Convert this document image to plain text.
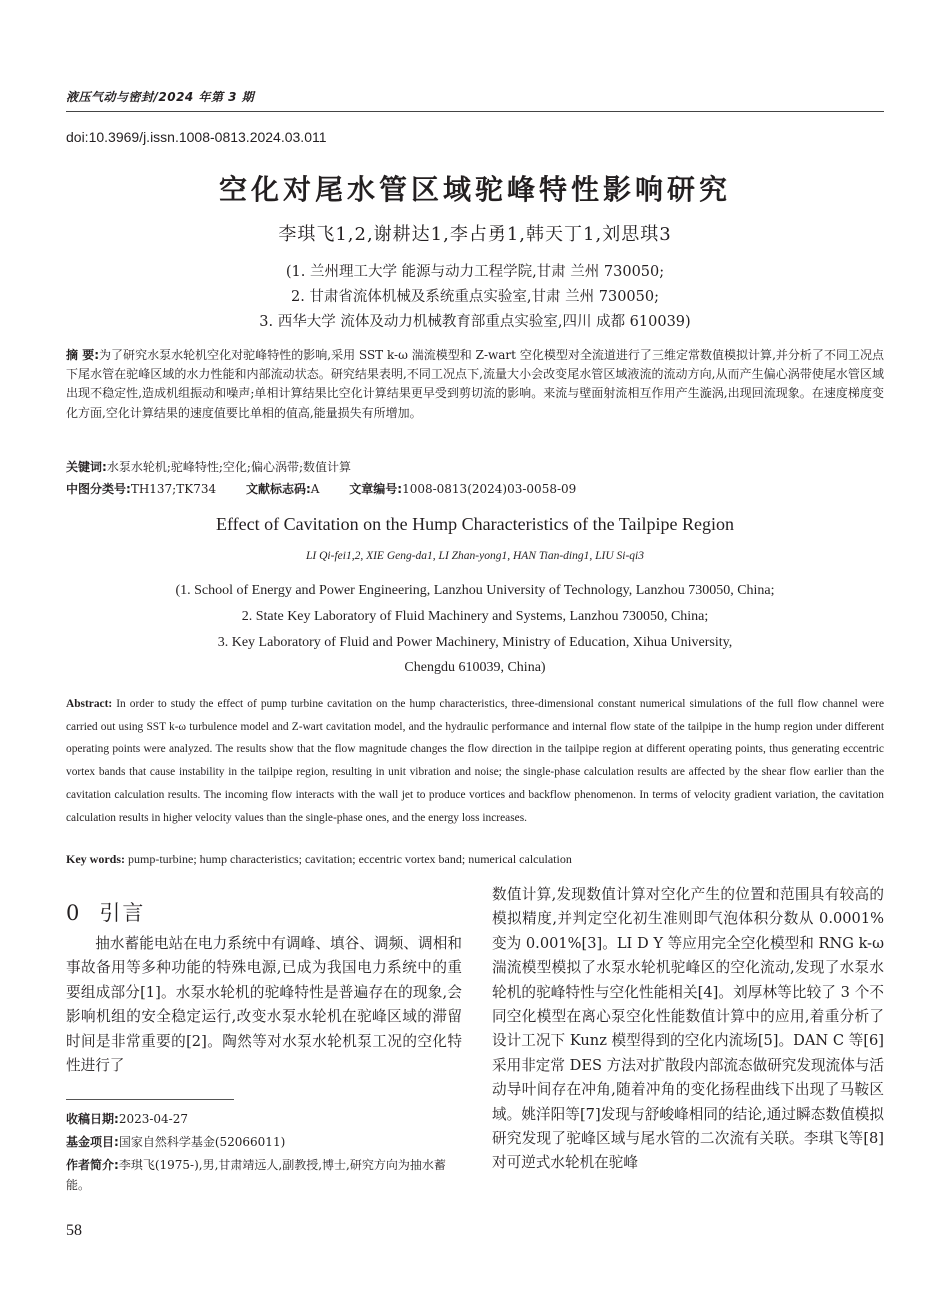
液压气动与密封/2024 年第 3 期
doi:10.3969/j.issn.1008-0813.2024.03.011
空化对尾水管区域驼峰特性影响研究
李琪飞1,2,谢耕达1,李占勇1,韩天丁1,刘思琪3
(1. 兰州理工大学 能源与动力工程学院,甘肃 兰州 730050;
2. 甘肃省流体机械及系统重点实验室,甘肃 兰州 730050;
3. 西华大学 流体及动力机械教育部重点实验室,四川 成都 610039)
摘 要:为了研究水泵水轮机空化对驼峰特性的影响,采用 SST k-ω 湍流模型和 Z-wart 空化模型对全流道进行了三维定常数值模拟计算,并分析了不同工况点下尾水管在驼峰区域的水力性能和内部流动状态。研究结果表明,不同工况点下,流量大小会改变尾水管区域液流的流动方向,从而产生偏心涡带使尾水管区域出现不稳定性,造成机组振动和噪声;单相计算结果比空化计算结果更早受到剪切流的影响。来流与壁面射流相互作用产生漩涡,出现回流现象。在速度梯度变化方面,空化计算结果的速度值要比单相的值高,能量损失有所增加。
关键词:水泵水轮机;驼峰特性;空化;偏心涡带;数值计算
中图分类号:TH137;TK734 文献标志码:A 文章编号:1008-0813(2024)03-0058-09
Effect of Cavitation on the Hump Characteristics of the Tailpipe Region
LI Qi-fei1,2, XIE Geng-da1, LI Zhan-yong1, HAN Tian-ding1, LIU Si-qi3
(1. School of Energy and Power Engineering, Lanzhou University of Technology, Lanzhou 730050, China;
2. State Key Laboratory of Fluid Machinery and Systems, Lanzhou 730050, China;
3. Key Laboratory of Fluid and Power Machinery, Ministry of Education, Xihua University,
Chengdu 610039, China)
Abstract: In order to study the effect of pump turbine cavitation on the hump characteristics, three-dimensional constant numerical simulations of the full flow channel were carried out using SST k-ω turbulence model and Z-wart cavitation model, and the hydraulic performance and internal flow state of the tailpipe in the hump region under different operating points were analyzed. The results show that the flow magnitude changes the flow direction in the tailpipe region at different operating points, thus generating eccentric vortex bands that cause instability in the tailpipe region, resulting in unit vibration and noise; the single-phase calculation results are affected by the shear flow earlier than the cavitation calculation results. The incoming flow interacts with the wall jet to produce vortices and backflow phenomenon. In terms of velocity gradient variation, the cavitation calculation results in higher velocity values than the single-phase ones, and the energy loss increases.
Key words: pump-turbine; hump characteristics; cavitation; eccentric vortex band; numerical calculation
0 引言
抽水蓄能电站在电力系统中有调峰、填谷、调频、调相和事故备用等多种功能的特殊电源,已成为我国电力系统中的重要组成部分[1]。水泵水轮机的驼峰特性是普遍存在的现象,会影响机组的安全稳定运行,改变水泵水轮机在驼峰区域的滞留时间是非常重要的[2]。陶然等对水泵水轮机泵工况的空化特性进行了
数值计算,发现数值计算对空化产生的位置和范围具有较高的模拟精度,并判定空化初生准则即气泡体积分数从 0.0001% 变为 0.001%[3]。LI D Y 等应用完全空化模型和 RNG k-ω 湍流模型模拟了水泵水轮机驼峰区的空化流动,发现了水泵水轮机的驼峰特性与空化性能相关[4]。刘厚林等比较了 3 个不同空化模型在离心泵空化性能数值计算中的应用,着重分析了设计工况下 Kunz 模型得到的空化内流场[5]。DAN C 等[6]采用非定常 DES 方法对扩散段内部流态做研究发现流体与活动导叶间存在冲角,随着冲角的变化扬程曲线下出现了马鞍区域。姚洋阳等[7]发现与舒峻峰相同的结论,通过瞬态数值模拟研究发现了驼峰区域与尾水管的二次流有关联。李琪飞等[8]对可逆式水轮机在驼峰
收稿日期:2023-04-27
基金项目:国家自然科学基金(52066011)
作者简介:李琪飞(1975-),男,甘肃靖远人,副教授,博士,研究方向为抽水蓄能。
58
